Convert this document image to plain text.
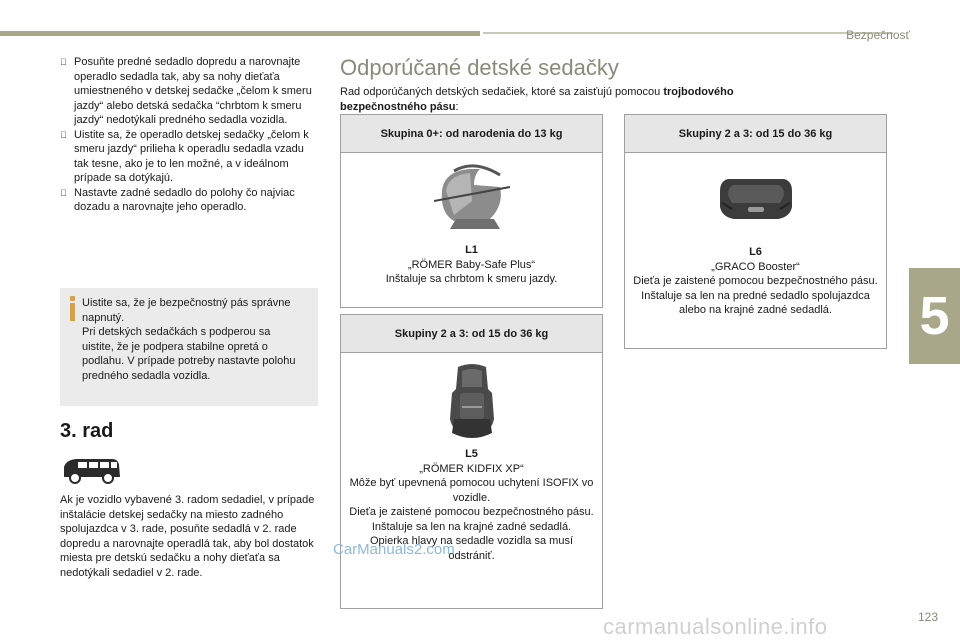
Bezpečnosť
5
123
Posuňte predné sedadlo dopredu a narovnajte operadlo sedadla tak, aby sa nohy dieťaťa umiestneného v detskej sedačke „čelom k smeru jazdy“ alebo detská sedačka “chrbtom k smeru jazdy“ nedotýkali predného sedadla vozidla.
Uistite sa, že operadlo detskej sedačky „čelom k smeru jazdy“ prilieha k operadlu sedadla vzadu tak tesne, ako je to len možné, a v ideálnom prípade sa dotýkajú.
Nastavte zadné sedadlo do polohy čo najviac dozadu a narovnajte jeho operadlo.
Uistite sa, že je bezpečnostný pás správne napnutý.
Pri detských sedačkách s podperou sa uistite, že je podpera stabilne opretá o podlahu. V prípade potreby nastavte polohu predného sedadla vozidla.
3. rad
Ak je vozidlo vybavené 3. radom sedadiel, v prípade inštalácie detskej sedačky na miesto zadného spolujazdca v 3. rade, posuňte sedadlá v 2. rade dopredu a narovnajte operadlá tak, aby bol dostatok miesta pre detskú sedačku a nohy dieťaťa sa nedotýkali sedadiel v 2. rade.
Odporúčané detské sedačky
Rad odporúčaných detských sedačiek, ktoré sa zaisťujú pomocou trojbodového bezpečnostného pásu:
Skupina 0+: od narodenia do 13 kg
L1
„RÖMER Baby-Safe Plus“
Inštaluje sa chrbtom k smeru jazdy.
Skupiny 2 a 3: od 15 do 36 kg
L5
„RÖMER KIDFIX XP“
Môže byť upevnená pomocou uchytení ISOFIX vo vozidle.
Dieťa je zaistené pomocou bezpečnostného pásu.
Inštaluje sa len na krajné zadné sedadlá.
Opierka hlavy na sedadle vozidla sa musí odstrániť.
Skupiny 2 a 3: od 15 do 36 kg
L6
„GRACO Booster“
Dieťa je zaistené pomocou bezpečnostného pásu.
Inštaluje sa len na predné sedadlo spolujazdca alebo na krajné zadné sedadlá.
CarManuals2.com
carmanualsonline.info
